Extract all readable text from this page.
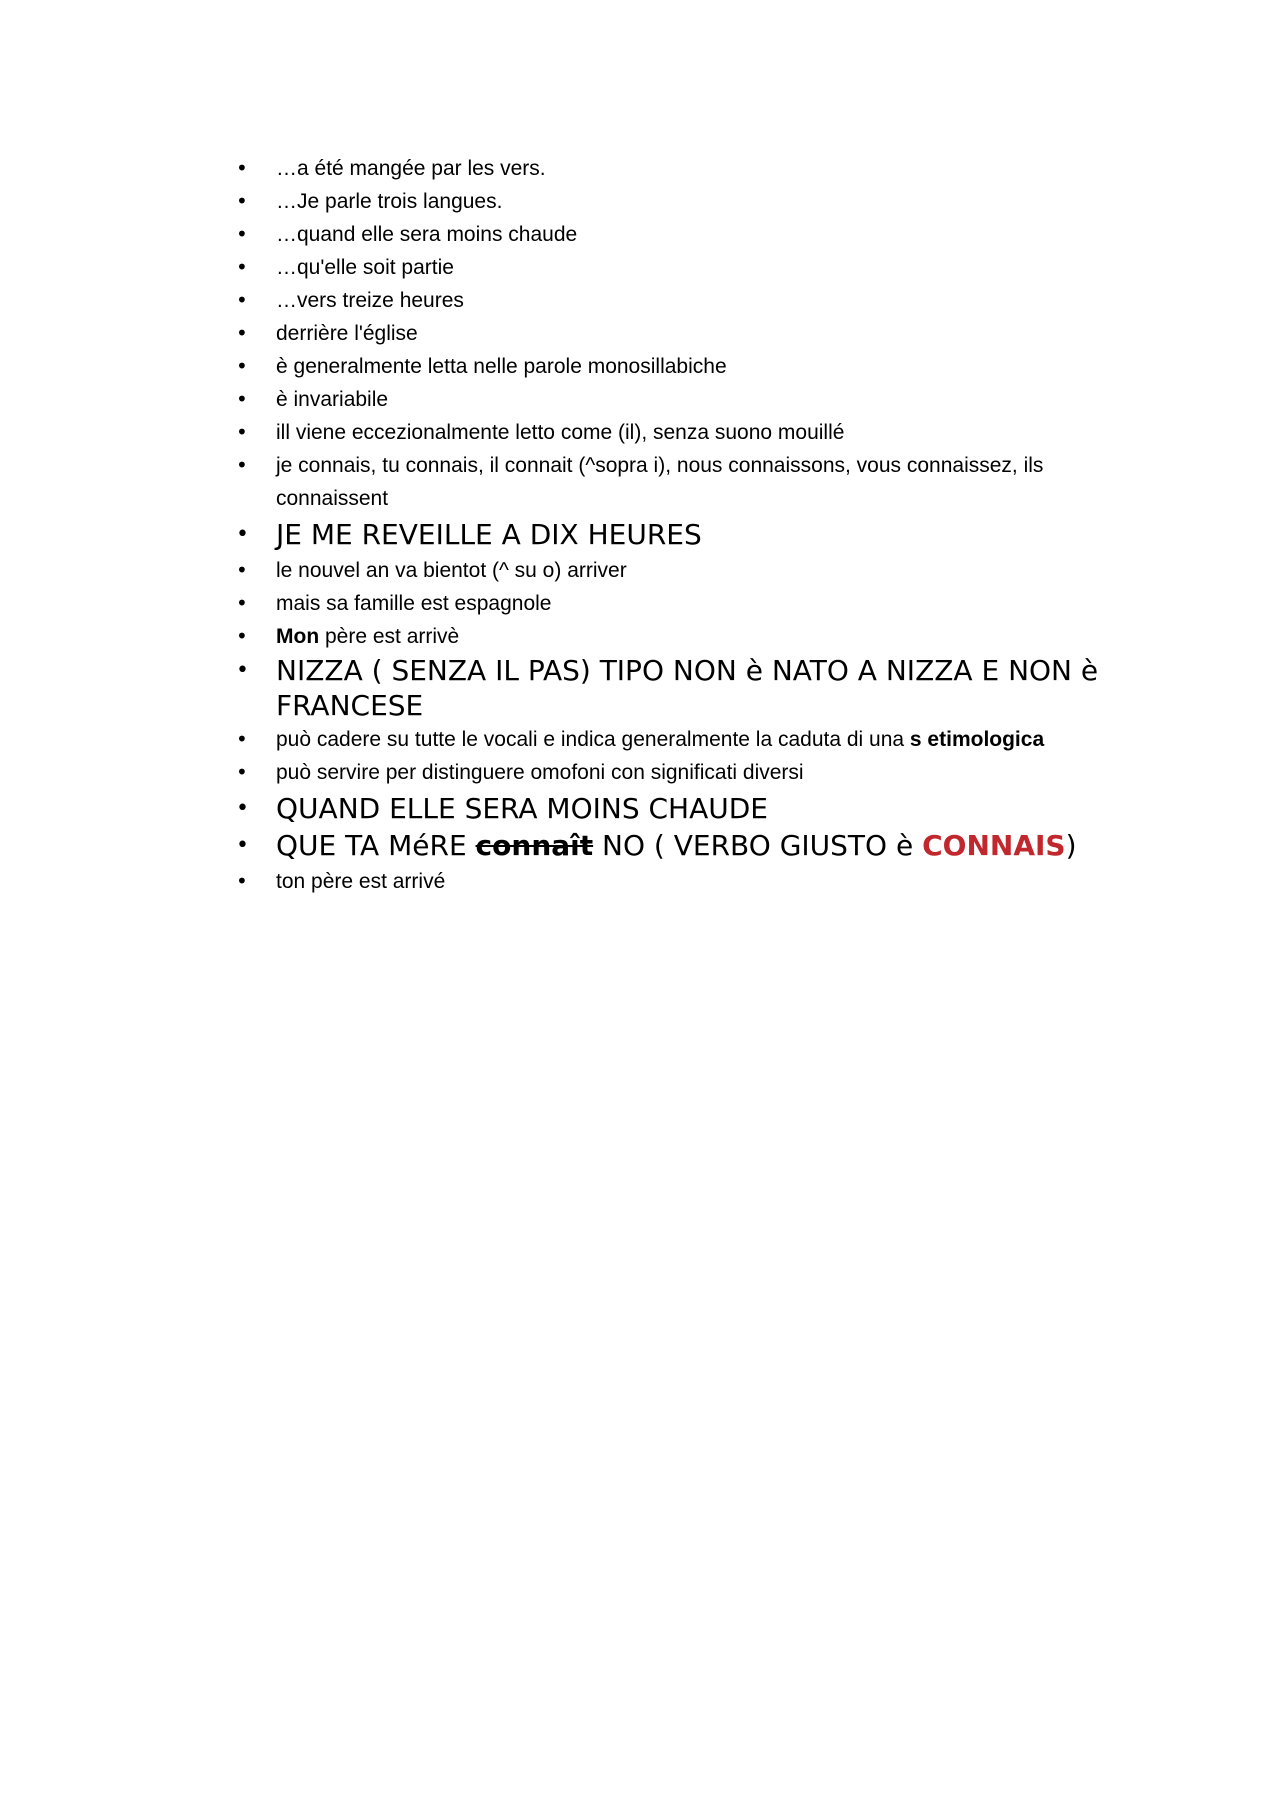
•	…a été mangée par les vers.
•	…Je parle trois langues.
•	…quand elle sera moins chaude
•	…qu'elle soit partie
•	…vers treize heures
•	derrière l'église
•	è generalmente letta nelle parole monosillabiche
•	è invariabile
•	ill viene eccezionalmente letto come (il), senza suono mouillé
•	je connais, tu connais, il connait (^sopra i), nous connaissons, vous connaissez, ils connaissent
• JE ME REVEILLE A DIX HEURES
•	le nouvel an va bientot (^ su o) arriver
•	mais sa famille est espagnole
•	Mon père est arrivè
• NIZZA ( SENZA IL PAS) TIPO NON è NATO A NIZZA E NON è FRANCESE
•	può cadere su tutte le vocali e indica generalmente la caduta di una s etimologica
•	può servire per distinguere omofoni con significati diversi
• QUAND ELLE SERA MOINS CHAUDE
• QUE TA MéRE connaît NO ( VERBO GIUSTO è CONNAIS)
•	ton père est arrivé
